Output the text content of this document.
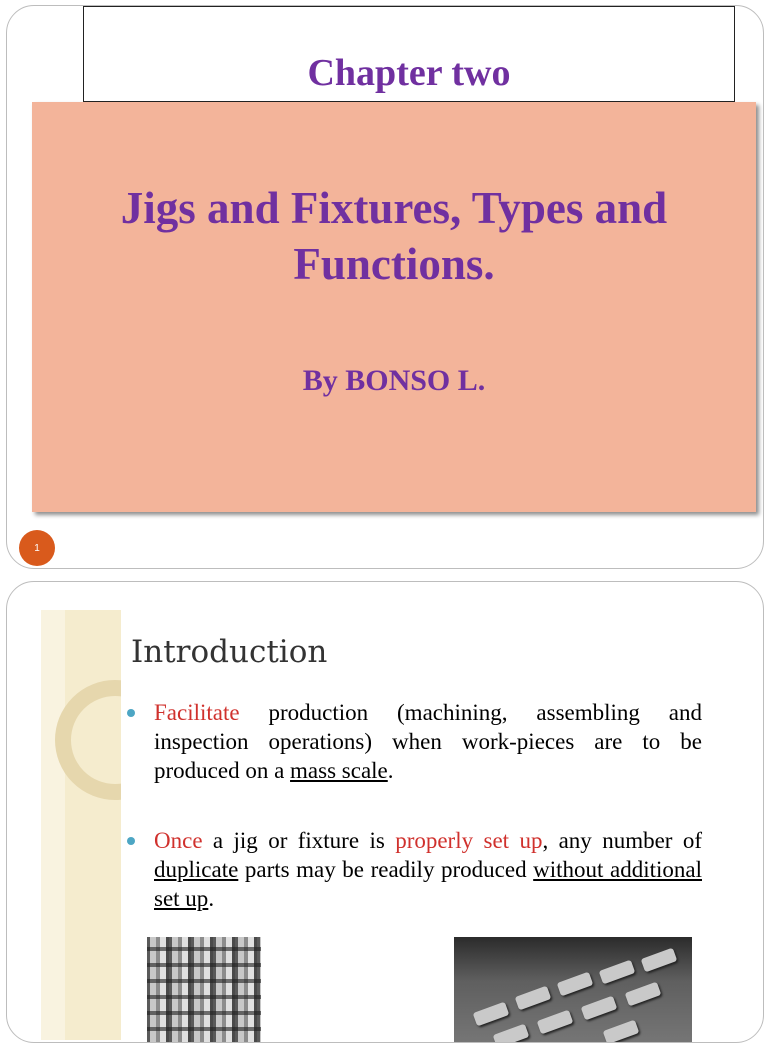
Chapter two
Jigs and Fixtures, Types and
Functions.
By BONSO L.
1
Introduction
Facilitate production (machining, assembling and inspection operations) when work-pieces are to be produced on a mass scale.
Once a jig or fixture is properly set up, any number of duplicate parts may be readily produced without additional set up.
